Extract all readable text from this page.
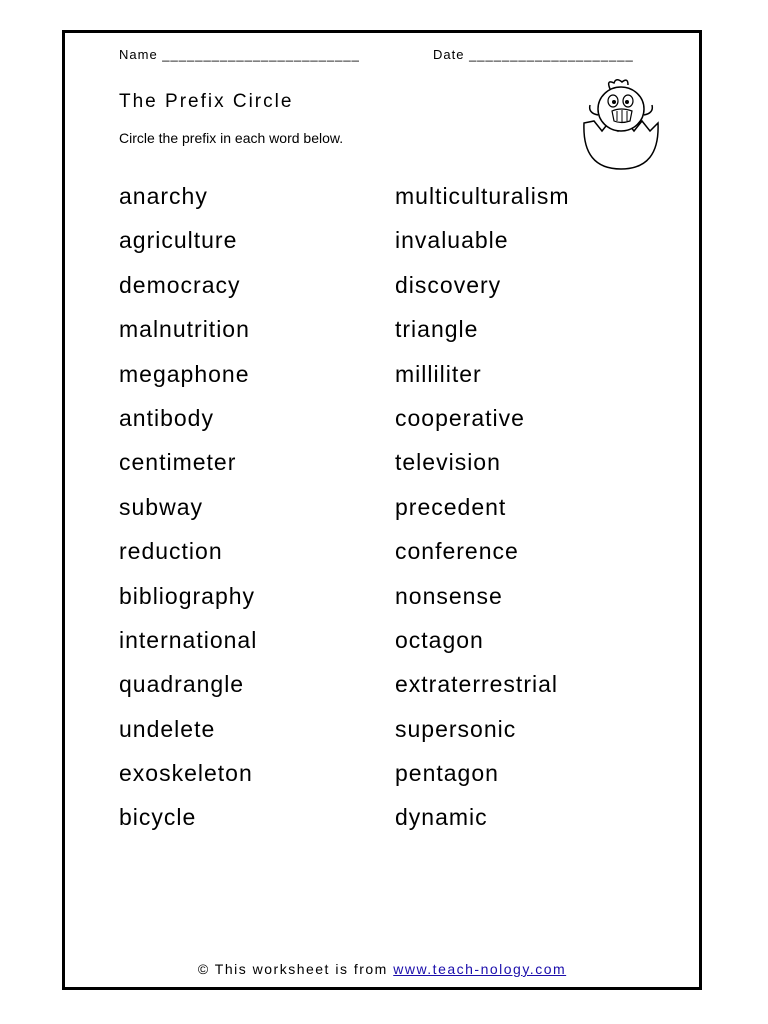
Name ________________________	Date ____________________
The Prefix Circle
Circle the prefix in each word below.
anarchy
agriculture
democracy
malnutrition
megaphone
antibody
centimeter
subway
reduction
bibliography
international
quadrangle
undelete
exoskeleton
bicycle
multiculturalism
invaluable
discovery
triangle
milliliter
cooperative
television
precedent
conference
nonsense
octagon
extraterrestrial
supersonic
pentagon
dynamic
© This worksheet is from www.teach-nology.com
